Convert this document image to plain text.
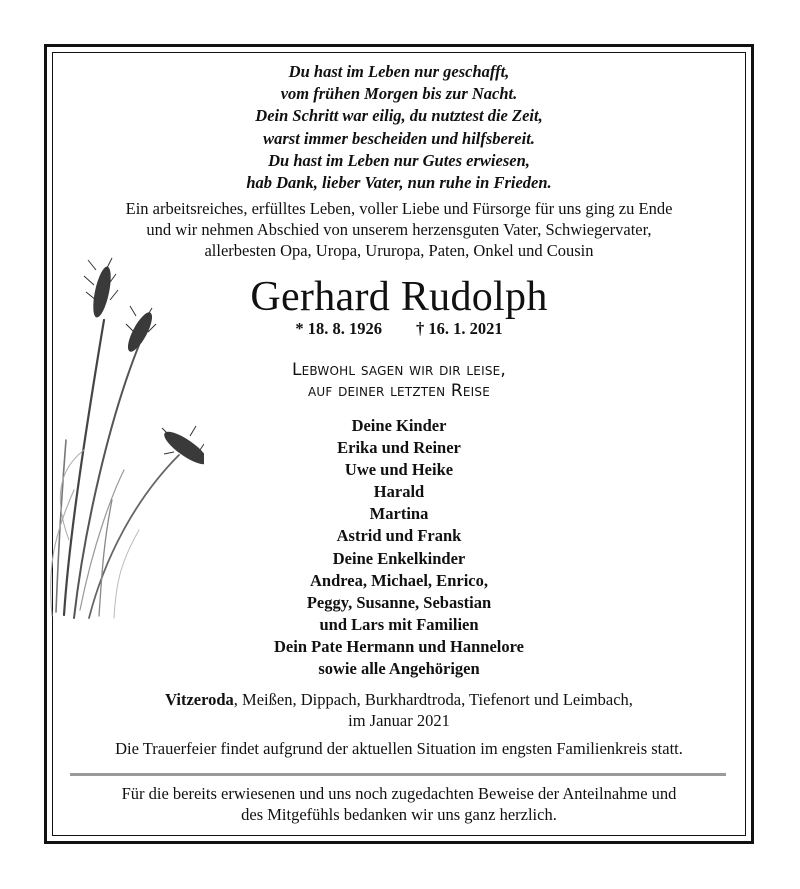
Du hast im Leben nur geschafft,
vom frühen Morgen bis zur Nacht.
Dein Schritt war eilig, du nutztest die Zeit,
warst immer bescheiden und hilfsbereit.
Du hast im Leben nur Gutes erwiesen,
hab Dank, lieber Vater, nun ruhe in Frieden.
Ein arbeitsreiches, erfülltes Leben, voller Liebe und Fürsorge für uns ging zu Ende
und wir nehmen Abschied von unserem herzensguten Vater, Schwiegervater,
allerbesten Opa, Uropa, Ururopa, Paten, Onkel und Cousin
Gerhard Rudolph
* 18. 8. 1926 † 16. 1. 2021
Lebwohl sagen wir dir leise,
auf deiner letzten Reise
Deine Kinder
Erika und Reiner
Uwe und Heike
Harald
Martina
Astrid und Frank
Deine Enkelkinder
Andrea, Michael, Enrico,
Peggy, Susanne, Sebastian
und Lars mit Familien
Dein Pate Hermann und Hannelore
sowie alle Angehörigen
Vitzeroda, Meißen, Dippach, Burkhardtroda, Tiefenort und Leimbach,
im Januar 2021
Die Trauerfeier findet aufgrund der aktuellen Situation im engsten Familienkreis statt.
Für die bereits erwiesenen und uns noch zugedachten Beweise der Anteilnahme und
des Mitgefühls bedanken wir uns ganz herzlich.
